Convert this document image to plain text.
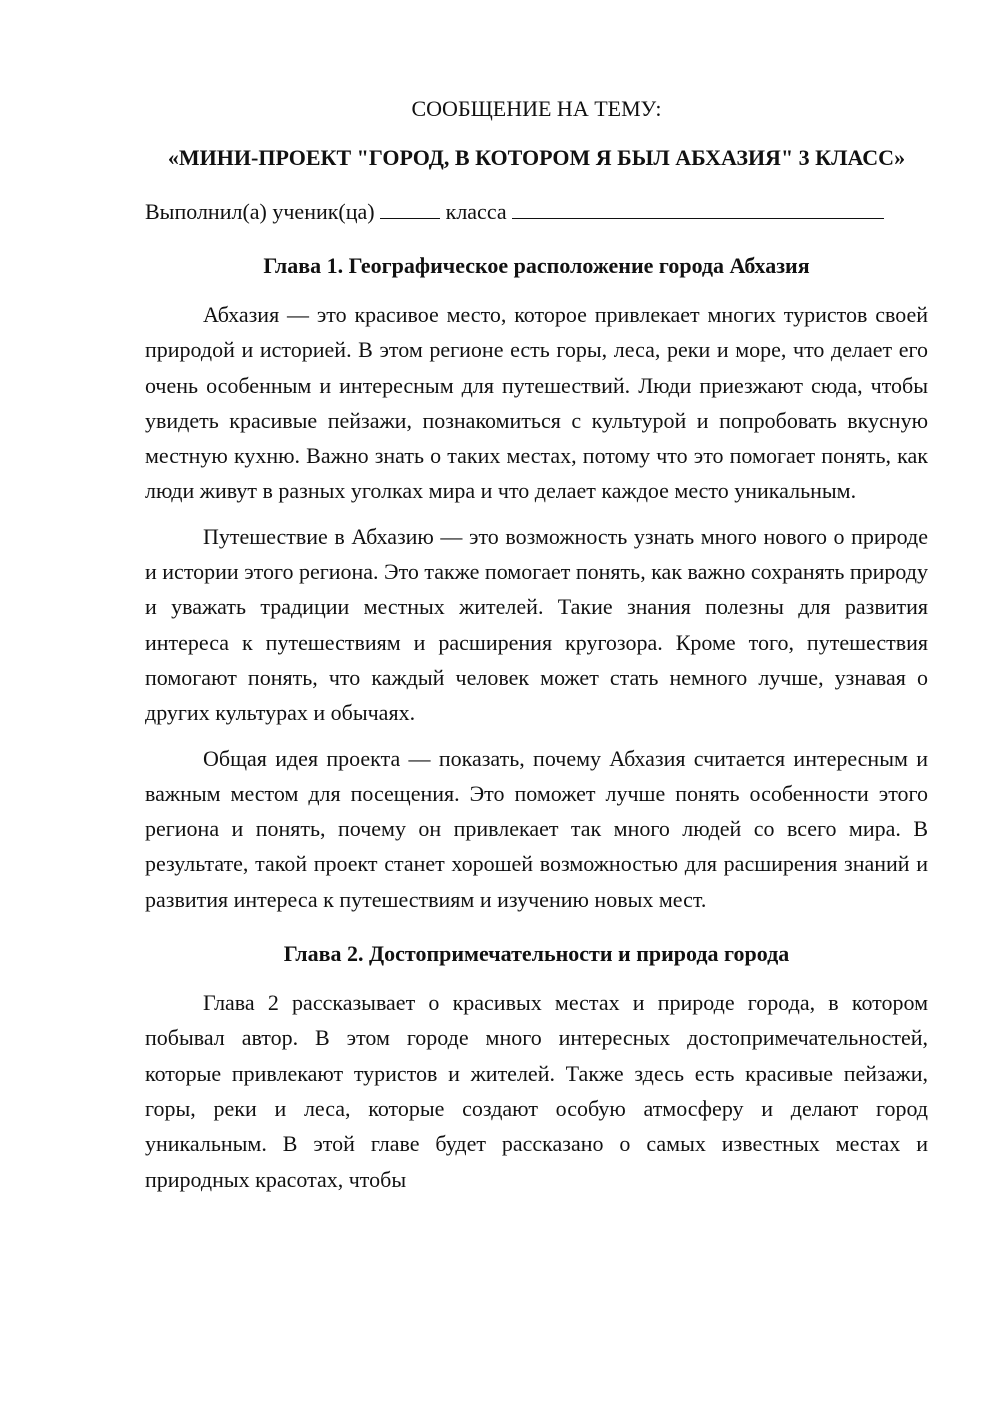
СООБЩЕНИЕ НА ТЕМУ:

«МИНИ-ПРОЕКТ "ГОРОД, В КОТОРОМ Я БЫЛ АБХАЗИЯ" 3 КЛАСС»

Выполнил(а) ученик(ца)	класса

Глава 1. Географическое расположение города Абхазия

Абхазия — это красивое место, которое привлекает многих туристов своей природой и историей. В этом регионе есть горы, леса, реки и море, что делает его очень особенным и интересным для путешествий. Люди приезжают сюда, чтобы увидеть красивые пейзажи, познакомиться с культурой и попробовать вкусную местную кухню. Важно знать о таких местах, потому что это помогает понять, как люди живут в разных уголках мира и что делает каждое место уникальным.

Путешествие в Абхазию — это возможность узнать много нового о природе и истории этого региона. Это также помогает понять, как важно сохранять природу и уважать традиции местных жителей. Такие знания полезны для развития интереса к путешествиям и расширения кругозора. Кроме того, путешествия помогают понять, что каждый человек может стать немного лучше, узнавая о других культурах и обычаях.

Общая идея проекта — показать, почему Абхазия считается интересным и важным местом для посещения. Это поможет лучше понять особенности этого региона и понять, почему он привлекает так много людей со всего мира. В результате, такой проект станет хорошей возможностью для расширения знаний и развития интереса к путешествиям и изучению новых мест.

Глава 2. Достопримечательности и природа города

Глава 2 рассказывает о красивых местах и природе города, в котором побывал автор. В этом городе много интересных достопримечательностей, которые привлекают туристов и жителей. Также здесь есть красивые пейзажи, горы, реки и леса, которые создают особую атмосферу и делают город уникальным. В этой главе будет рассказано о самых известных местах и природных красотах, чтобы
